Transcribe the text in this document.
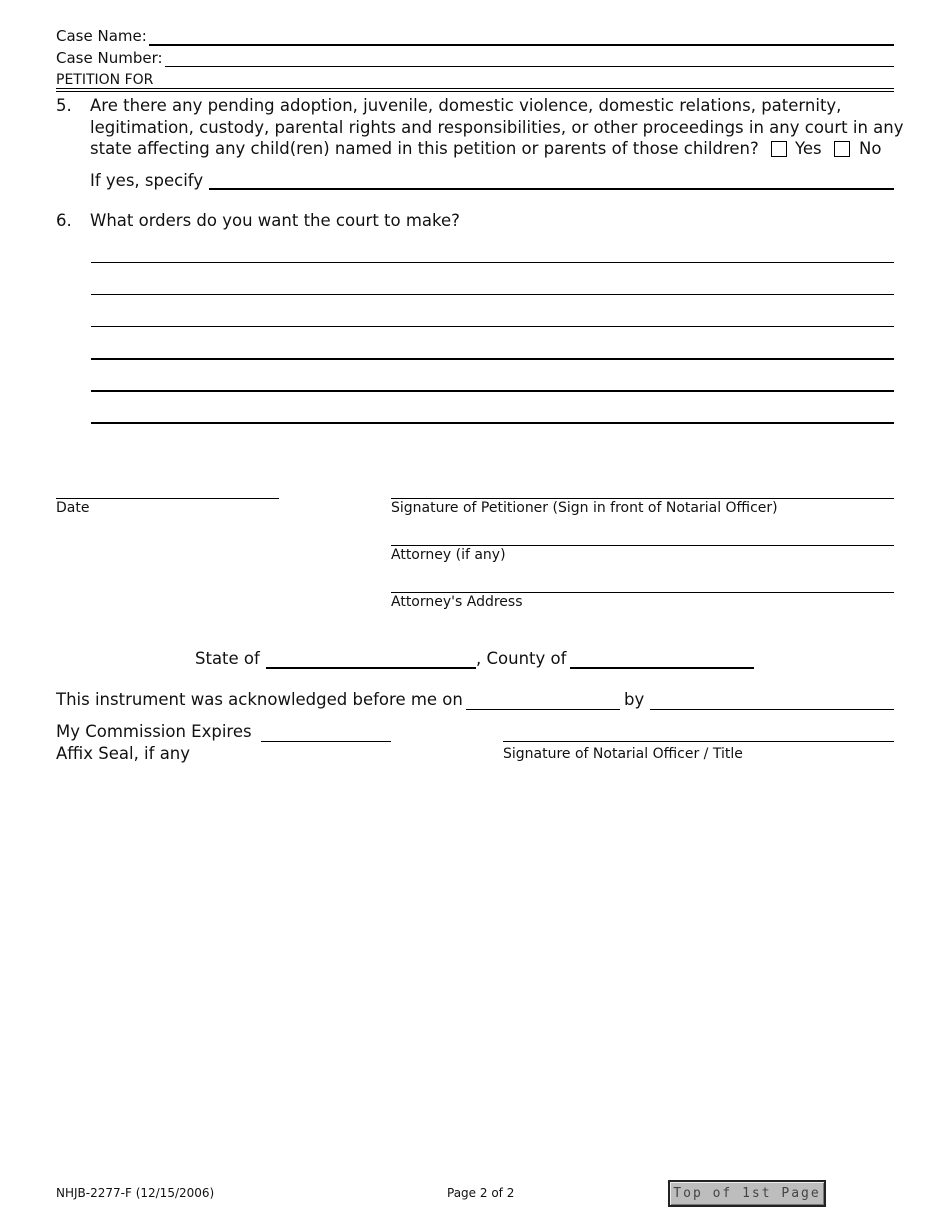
Case Name:
Case Number:
PETITION FOR
5. Are there any pending adoption, juvenile, domestic violence, domestic relations, paternity,
legitimation, custody, parental rights and responsibilities, or other proceedings in any court in any
state affecting any child(ren) named in this petition or parents of those children? Yes No
If yes, specify
6. What orders do you want the court to make?
Date	Signature of Petitioner (Sign in front of Notarial Officer)
Attorney (if any)
Attorney's Address
State of	, County of
This instrument was acknowledged before me on	by
My Commission Expires
Affix Seal, if any	Signature of Notarial Officer / Title
NHJB-2277-F (12/15/2006)	Page 2 of 2	Top of 1st Page
